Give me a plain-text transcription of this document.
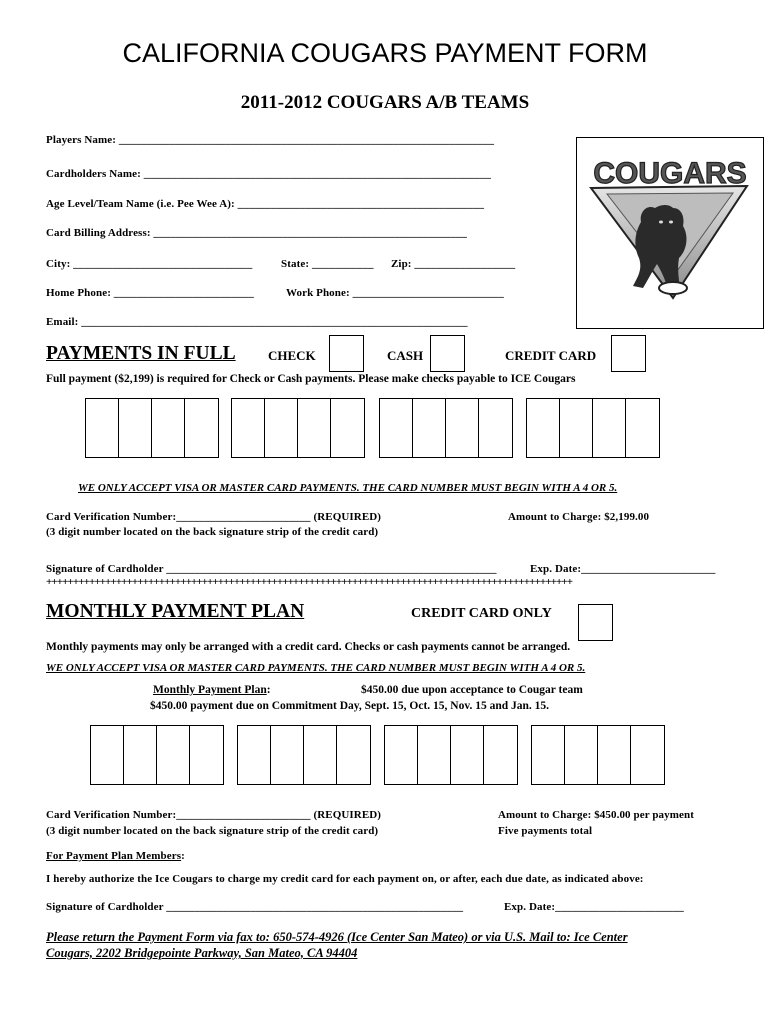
CALIFORNIA COUGARS PAYMENT FORM
2011-2012 COUGARS A/B TEAMS
Players Name: ___________________________________________________________________
Cardholders Name: ______________________________________________________________
Age Level/Team Name (i.e. Pee Wee A): ____________________________________________
Card Billing Address: ________________________________________________________
City: ________________________________	State: ___________ Zip: __________________
Home Phone: _________________________	Work Phone: ___________________________
Email: _____________________________________________________________________
COUGARS
PAYMENTS IN FULL CHECK	CASH	CREDIT CARD
Full payment ($2,199) is required for Check or Cash payments. Please make checks payable to ICE Cougars
WE ONLY ACCEPT VISA OR MASTER CARD PAYMENTS. THE CARD NUMBER MUST BEGIN WITH A 4 OR 5.
Card Verification Number:________________________ (REQUIRED)	Amount to Charge: $2,199.00
(3 digit number located on the back signature strip of the credit card)
Signature of Cardholder ___________________________________________________________	Exp. Date:________________________
++++++++++++++++++++++++++++++++++++++++++++++++++++++++++++++++++++++++++++++++++++++++++++++++++
MONTHLY PAYMENT PLAN	CREDIT CARD ONLY
Monthly payments may only be arranged with a credit card. Checks or cash payments cannot be arranged.
WE ONLY ACCEPT VISA OR MASTER CARD PAYMENTS. THE CARD NUMBER MUST BEGIN WITH A 4 OR 5.
Monthly Payment Plan:	$450.00 due upon acceptance to Cougar team
$450.00 payment due on Commitment Day, Sept. 15, Oct. 15, Nov. 15 and Jan. 15.
Card Verification Number:________________________ (REQUIRED)	Amount to Charge: $450.00 per payment
(3 digit number located on the back signature strip of the credit card)	Five payments total
For Payment Plan Members:
I hereby authorize the Ice Cougars to charge my credit card for each payment on, or after, each due date, as indicated above:
Signature of Cardholder _____________________________________________________	Exp. Date:_______________________
Please return the Payment Form via fax to: 650-574-4926 (Ice Center San Mateo) or via U.S. Mail to: Ice Center
Cougars, 2202 Bridgepointe Parkway, San Mateo, CA 94404
